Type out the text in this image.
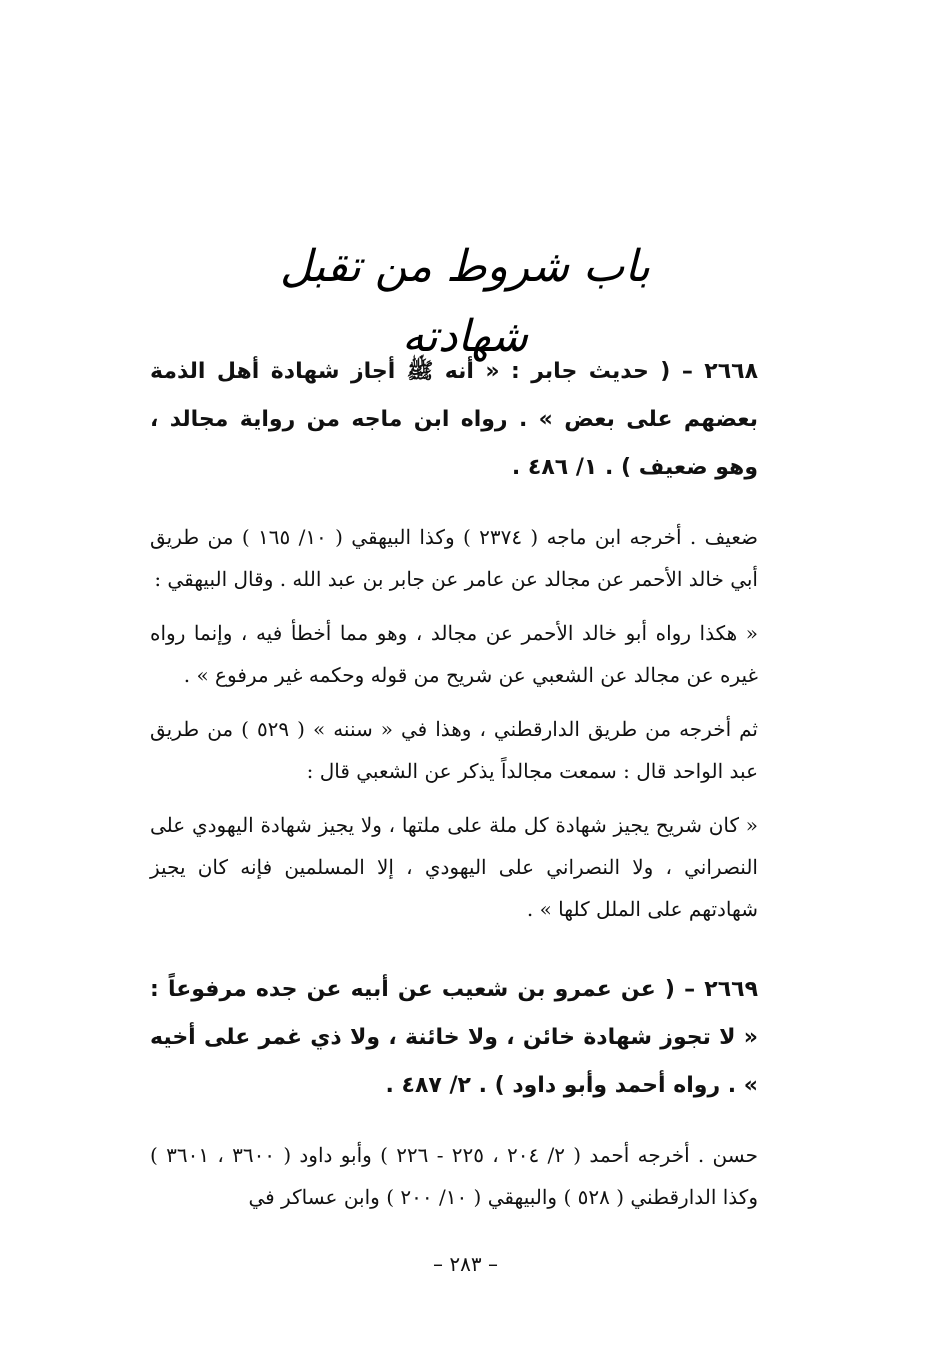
باب شروط من تقبل شهادته

٢٦٦٨ – ( حديث جابر : « أنه ﷺ أجاز شهادة أهل الذمة بعضهم على بعض » . رواه ابن ماجه من رواية مجالد ، وهو ضعيف ) . ١/ ٤٨٦ .

ضعيف . أخرجه ابن ماجه ( ٢٣٧٤ ) وكذا البيهقي ( ١٠/ ١٦٥ ) من طريق أبي خالد الأحمر عن مجالد عن عامر عن جابر بن عبد الله . وقال البيهقي :

« هكذا رواه أبو خالد الأحمر عن مجالد ، وهو مما أخطأ فيه ، وإنما رواه غيره عن مجالد عن الشعبي عن شريح من قوله وحكمه غير مرفوع » .

ثم أخرجه من طريق الدارقطني ، وهذا في « سننه » ( ٥٢٩ ) من طريق عبد الواحد قال : سمعت مجالداً يذكر عن الشعبي قال :

« كان شريح يجيز شهادة كل ملة على ملتها ، ولا يجيز شهادة اليهودي على النصراني ، ولا النصراني على اليهودي ، إلا المسلمين فإنه كان يجيز شهادتهم على الملل كلها » .

٢٦٦٩ – ( عن عمرو بن شعيب عن أبيه عن جده مرفوعاً : « لا تجوز شهادة خائن ، ولا خائنة ، ولا ذي غمر على أخيه » . رواه أحمد وأبو داود ) . ٢/ ٤٨٧ .

حسن . أخرجه أحمد ( ٢/ ٢٠٤ ، ٢٢٥ - ٢٢٦ ) وأبو داود ( ٣٦٠٠ ، ٣٦٠١ ) وكذا الدارقطني ( ٥٢٨ ) والبيهقي ( ١٠/ ٢٠٠ ) وابن عساكر في

– ٢٨٣ –
